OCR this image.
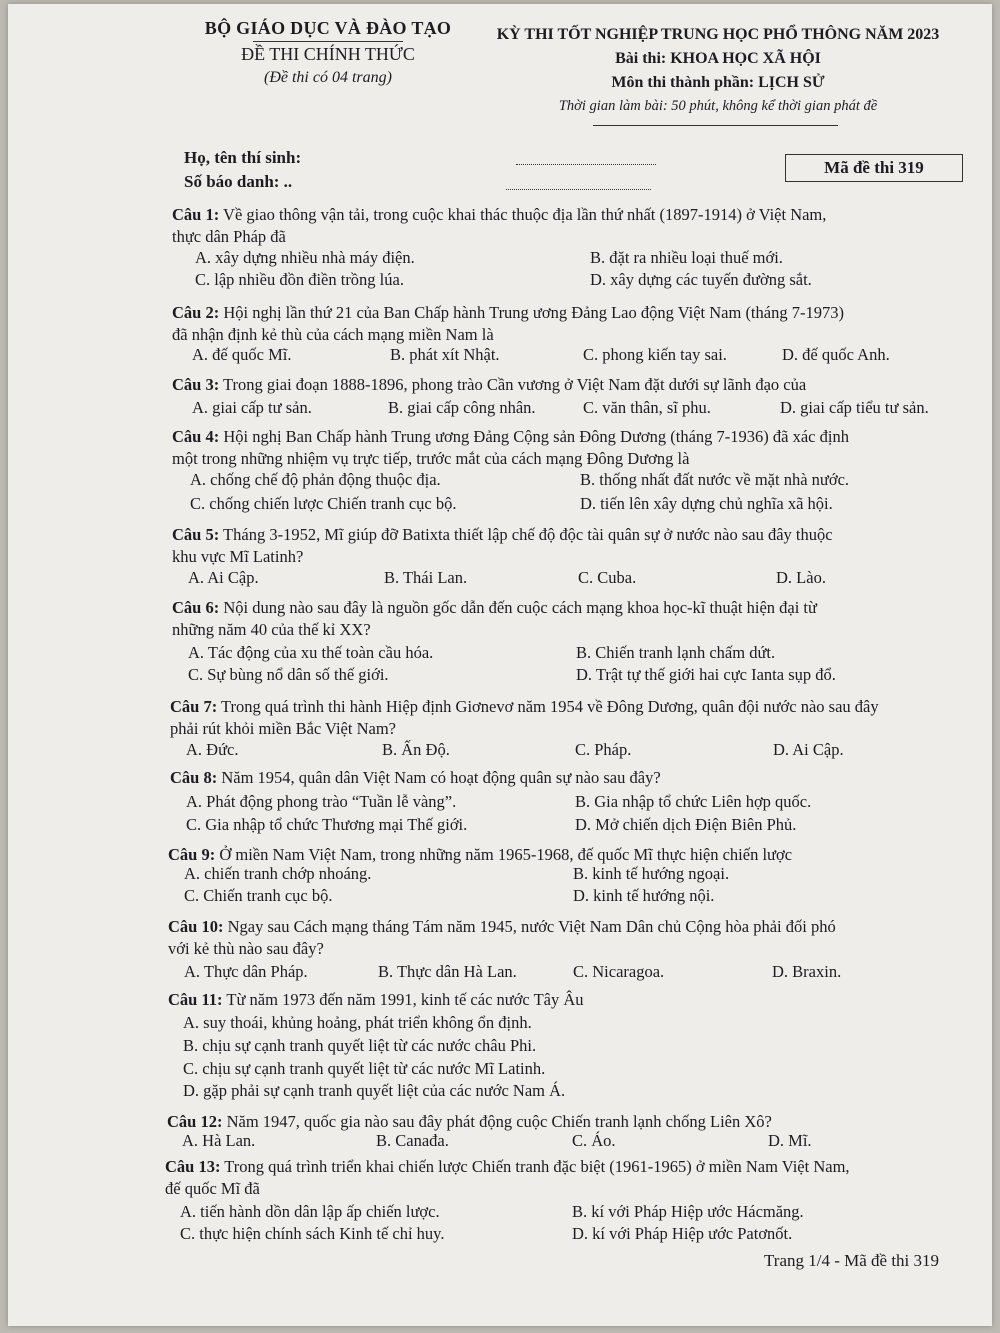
BỘ GIÁO DỤC VÀ ĐÀO TẠO
ĐỀ THI CHÍNH THỨC
(Đề thi có 04 trang)
KỲ THI TỐT NGHIỆP TRUNG HỌC PHỔ THÔNG NĂM 2023
Bài thi: KHOA HỌC XÃ HỘI
Môn thi thành phần: LỊCH SỬ
Thời gian làm bài: 50 phút, không kể thời gian phát đề
Họ, tên thí sinh:
Số báo danh: ..
Mã đề thi 319
Câu 1: Về giao thông vận tải, trong cuộc khai thác thuộc địa lần thứ nhất (1897-1914) ở Việt Nam,
thực dân Pháp đã
A. xây dựng nhiều nhà máy điện.	B. đặt ra nhiều loại thuế mới.
C. lập nhiều đồn điền trồng lúa.	D. xây dựng các tuyến đường sắt.
Câu 2: Hội nghị lần thứ 21 của Ban Chấp hành Trung ương Đảng Lao động Việt Nam (tháng 7-1973)
đã nhận định kẻ thù của cách mạng miền Nam là
A. đế quốc Mĩ.	B. phát xít Nhật.	C. phong kiến tay sai.	D. đế quốc Anh.
Câu 3: Trong giai đoạn 1888-1896, phong trào Cần vương ở Việt Nam đặt dưới sự lãnh đạo của
A. giai cấp tư sản.	B. giai cấp công nhân.	C. văn thân, sĩ phu.	D. giai cấp tiểu tư sản.
Câu 4: Hội nghị Ban Chấp hành Trung ương Đảng Cộng sản Đông Dương (tháng 7-1936) đã xác định
một trong những nhiệm vụ trực tiếp, trước mắt của cách mạng Đông Dương là
A. chống chế độ phản động thuộc địa.	B. thống nhất đất nước về mặt nhà nước.
C. chống chiến lược Chiến tranh cục bộ.	D. tiến lên xây dựng chủ nghĩa xã hội.
Câu 5: Tháng 3-1952, Mĩ giúp đỡ Batixta thiết lập chế độ độc tài quân sự ở nước nào sau đây thuộc
khu vực Mĩ Latinh?
A. Ai Cập.	B. Thái Lan.	C. Cuba.	D. Lào.
Câu 6: Nội dung nào sau đây là nguồn gốc dẫn đến cuộc cách mạng khoa học-kĩ thuật hiện đại từ
những năm 40 của thế kỉ XX?
A. Tác động của xu thế toàn cầu hóa.	B. Chiến tranh lạnh chấm dứt.
C. Sự bùng nổ dân số thế giới.	D. Trật tự thế giới hai cực Ianta sụp đổ.
Câu 7: Trong quá trình thi hành Hiệp định Giơnevơ năm 1954 về Đông Dương, quân đội nước nào sau đây
phải rút khỏi miền Bắc Việt Nam?
A. Đức.	B. Ấn Độ.	C. Pháp.	D. Ai Cập.
Câu 8: Năm 1954, quân dân Việt Nam có hoạt động quân sự nào sau đây?
A. Phát động phong trào “Tuần lễ vàng”.	B. Gia nhập tổ chức Liên hợp quốc.
C. Gia nhập tổ chức Thương mại Thế giới.	D. Mở chiến dịch Điện Biên Phủ.
Câu 9: Ở miền Nam Việt Nam, trong những năm 1965-1968, đế quốc Mĩ thực hiện chiến lược
A. chiến tranh chớp nhoáng.	B. kinh tế hướng ngoại.
C. Chiến tranh cục bộ.	D. kinh tế hướng nội.
Câu 10: Ngay sau Cách mạng tháng Tám năm 1945, nước Việt Nam Dân chủ Cộng hòa phải đối phó
với kẻ thù nào sau đây?
A. Thực dân Pháp.	B. Thực dân Hà Lan.	C. Nicaragoa.	D. Braxin.
Câu 11: Từ năm 1973 đến năm 1991, kinh tế các nước Tây Âu
A. suy thoái, khủng hoảng, phát triển không ổn định.
B. chịu sự cạnh tranh quyết liệt từ các nước châu Phi.
C. chịu sự cạnh tranh quyết liệt từ các nước Mĩ Latinh.
D. gặp phải sự cạnh tranh quyết liệt của các nước Nam Á.
Câu 12: Năm 1947, quốc gia nào sau đây phát động cuộc Chiến tranh lạnh chống Liên Xô?
A. Hà Lan.	B. Canađa.	C. Áo.	D. Mĩ.
Câu 13: Trong quá trình triển khai chiến lược Chiến tranh đặc biệt (1961-1965) ở miền Nam Việt Nam,
đế quốc Mĩ đã
A. tiến hành dồn dân lập ấp chiến lược.	B. kí với Pháp Hiệp ước Hácmăng.
C. thực hiện chính sách Kinh tế chỉ huy.	D. kí với Pháp Hiệp ước Patơnốt.
Trang 1/4 - Mã đề thi 319
